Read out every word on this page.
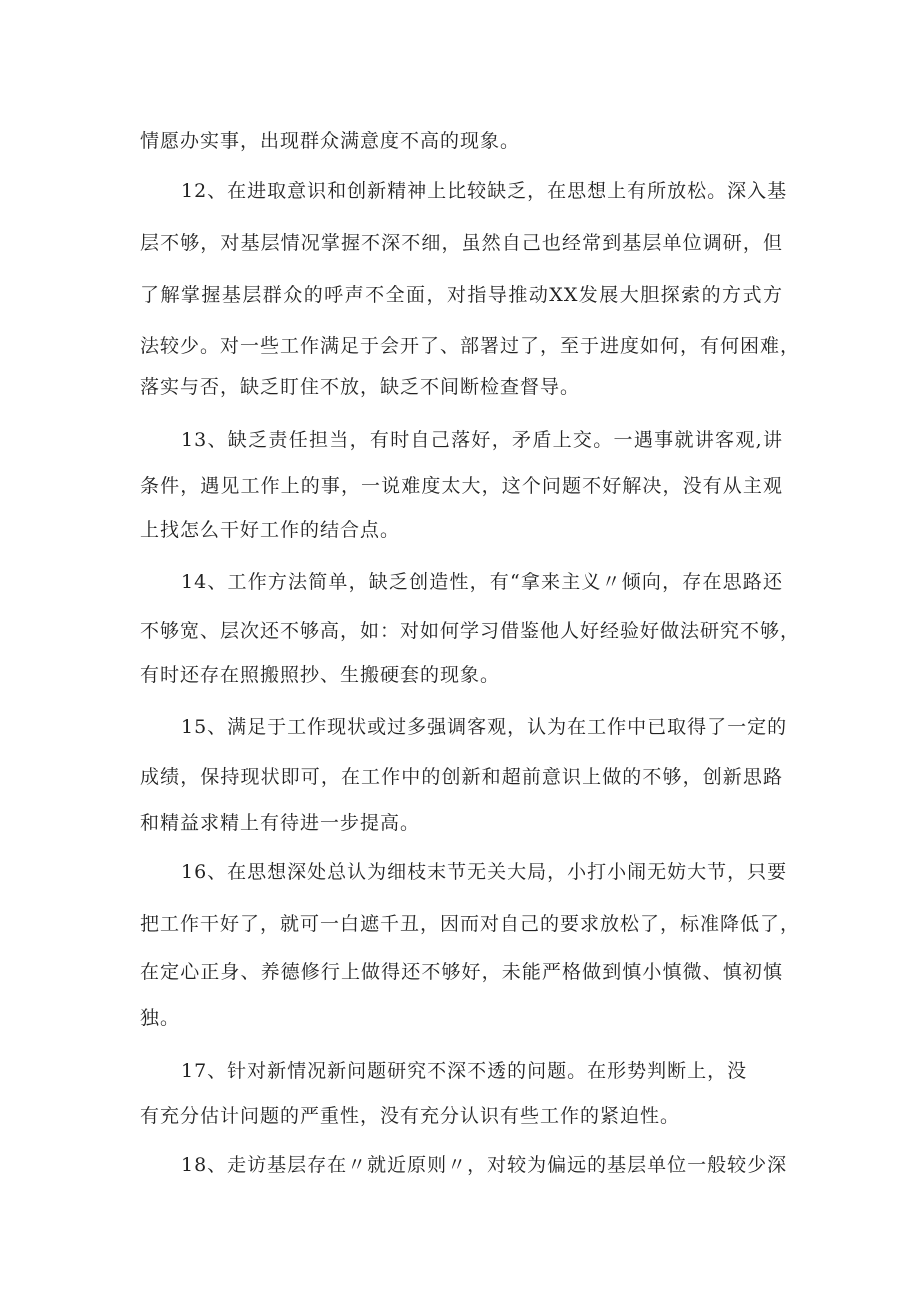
情愿办实事，出现群众满意度不高的现象。
12、在进取意识和创新精神上比较缺乏，在思想上有所放松。深入基
层不够，对基层情况掌握不深不细，虽然自己也经常到基层单位调研，但
了解掌握基层群众的呼声不全面，对指导推动XX发展大胆探索的方式方
法较少。对一些工作满足于会开了、部署过了，至于进度如何，有何困难，
落实与否，缺乏盯住不放，缺乏不间断检查督导。
13、缺乏责任担当，有时自己落好，矛盾上交。一遇事就讲客观,讲
条件，遇见工作上的事，一说难度太大，这个问题不好解决，没有从主观
上找怎么干好工作的结合点。
14、工作方法简单，缺乏创造性，有“拿来主义〃倾向，存在思路还
不够宽、层次还不够高，如：对如何学习借鉴他人好经验好做法研究不够，
有时还存在照搬照抄、生搬硬套的现象。
15、满足于工作现状或过多强调客观，认为在工作中已取得了一定的
成绩，保持现状即可，在工作中的创新和超前意识上做的不够，创新思路
和精益求精上有待进一步提高。
16、在思想深处总认为细枝末节无关大局，小打小闹无妨大节，只要
把工作干好了，就可一白遮千丑，因而对自己的要求放松了，标准降低了，
在定心正身、养德修行上做得还不够好，未能严格做到慎小慎微、慎初慎
独。
17、针对新情况新问题研究不深不透的问题。在形势判断上，没
有充分估计问题的严重性，没有充分认识有些工作的紧迫性。
18、走访基层存在〃就近原则〃，对较为偏远的基层单位一般较少深
